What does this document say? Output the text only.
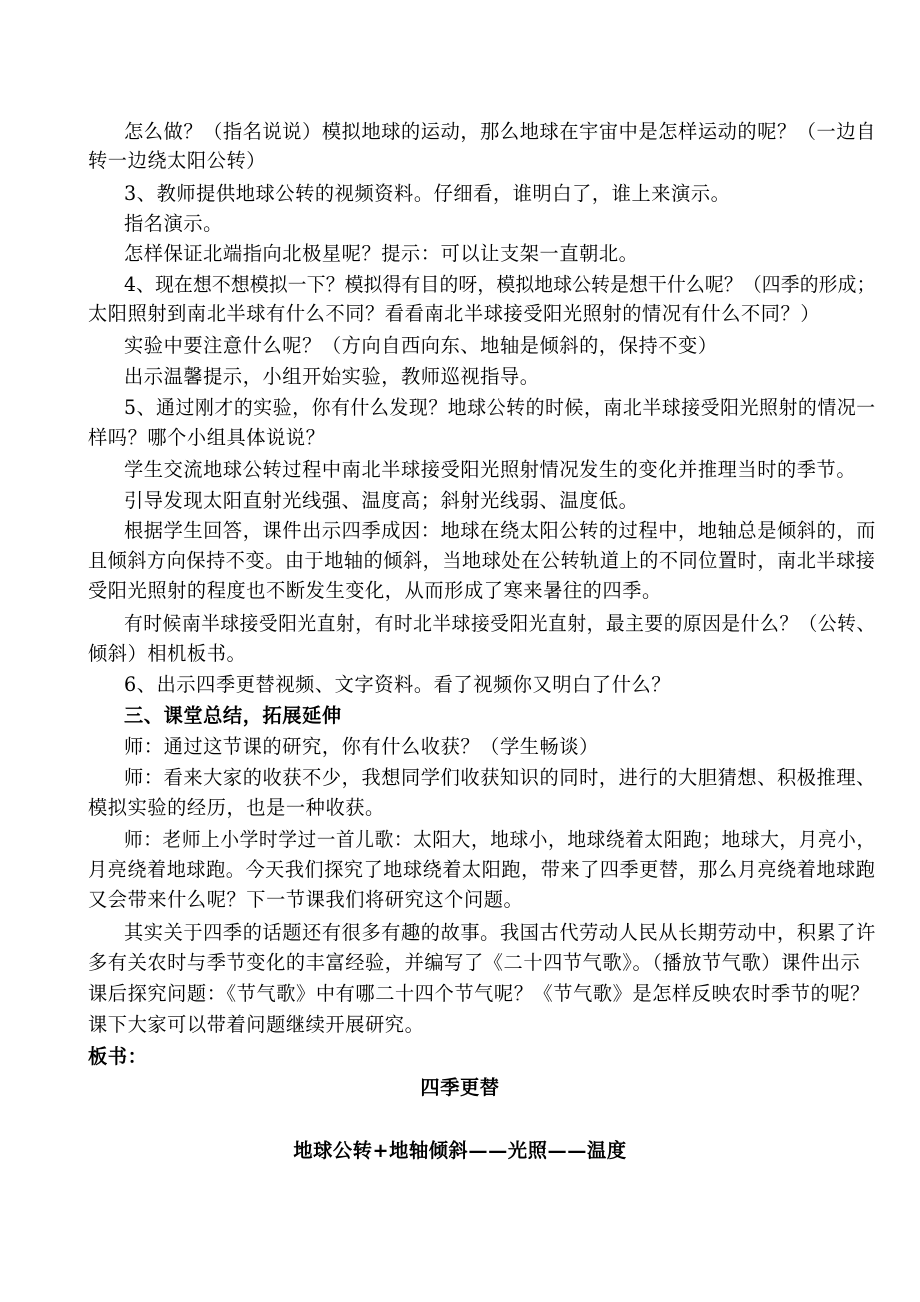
怎么做？（指名说说）模拟地球的运动，那么地球在宇宙中是怎样运动的呢？（一边自
转一边绕太阳公转）
3、教师提供地球公转的视频资料。仔细看，谁明白了，谁上来演示。
指名演示。
怎样保证北端指向北极星呢？提示：可以让支架一直朝北。
4、现在想不想模拟一下？模拟得有目的呀，模拟地球公转是想干什么呢？（四季的形成；
太阳照射到南北半球有什么不同？看看南北半球接受阳光照射的情况有什么不同？）
实验中要注意什么呢？（方向自西向东、地轴是倾斜的，保持不变）
出示温馨提示，小组开始实验，教师巡视指导。
5、通过刚才的实验，你有什么发现？地球公转的时候，南北半球接受阳光照射的情况一
样吗？哪个小组具体说说？
学生交流地球公转过程中南北半球接受阳光照射情况发生的变化并推理当时的季节。
引导发现太阳直射光线强、温度高；斜射光线弱、温度低。
根据学生回答，课件出示四季成因：地球在绕太阳公转的过程中，地轴总是倾斜的，而
且倾斜方向保持不变。由于地轴的倾斜，当地球处在公转轨道上的不同位置时，南北半球接
受阳光照射的程度也不断发生变化，从而形成了寒来暑往的四季。
有时候南半球接受阳光直射，有时北半球接受阳光直射，最主要的原因是什么？（公转、
倾斜）相机板书。
6、出示四季更替视频、文字资料。看了视频你又明白了什么？
三、课堂总结，拓展延伸
师：通过这节课的研究，你有什么收获？（学生畅谈）
师：看来大家的收获不少，我想同学们收获知识的同时，进行的大胆猜想、积极推理、
模拟实验的经历，也是一种收获。
师：老师上小学时学过一首儿歌：太阳大，地球小，地球绕着太阳跑；地球大，月亮小，
月亮绕着地球跑。今天我们探究了地球绕着太阳跑，带来了四季更替，那么月亮绕着地球跑
又会带来什么呢？下一节课我们将研究这个问题。
其实关于四季的话题还有很多有趣的故事。我国古代劳动人民从长期劳动中，积累了许
多有关农时与季节变化的丰富经验，并编写了《二十四节气歌》。（播放节气歌）课件出示
课后探究问题：《节气歌》中有哪二十四个节气呢？《节气歌》是怎样反映农时季节的呢？
课下大家可以带着问题继续开展研究。
板书：
四季更替
地球公转+地轴倾斜——光照——温度
